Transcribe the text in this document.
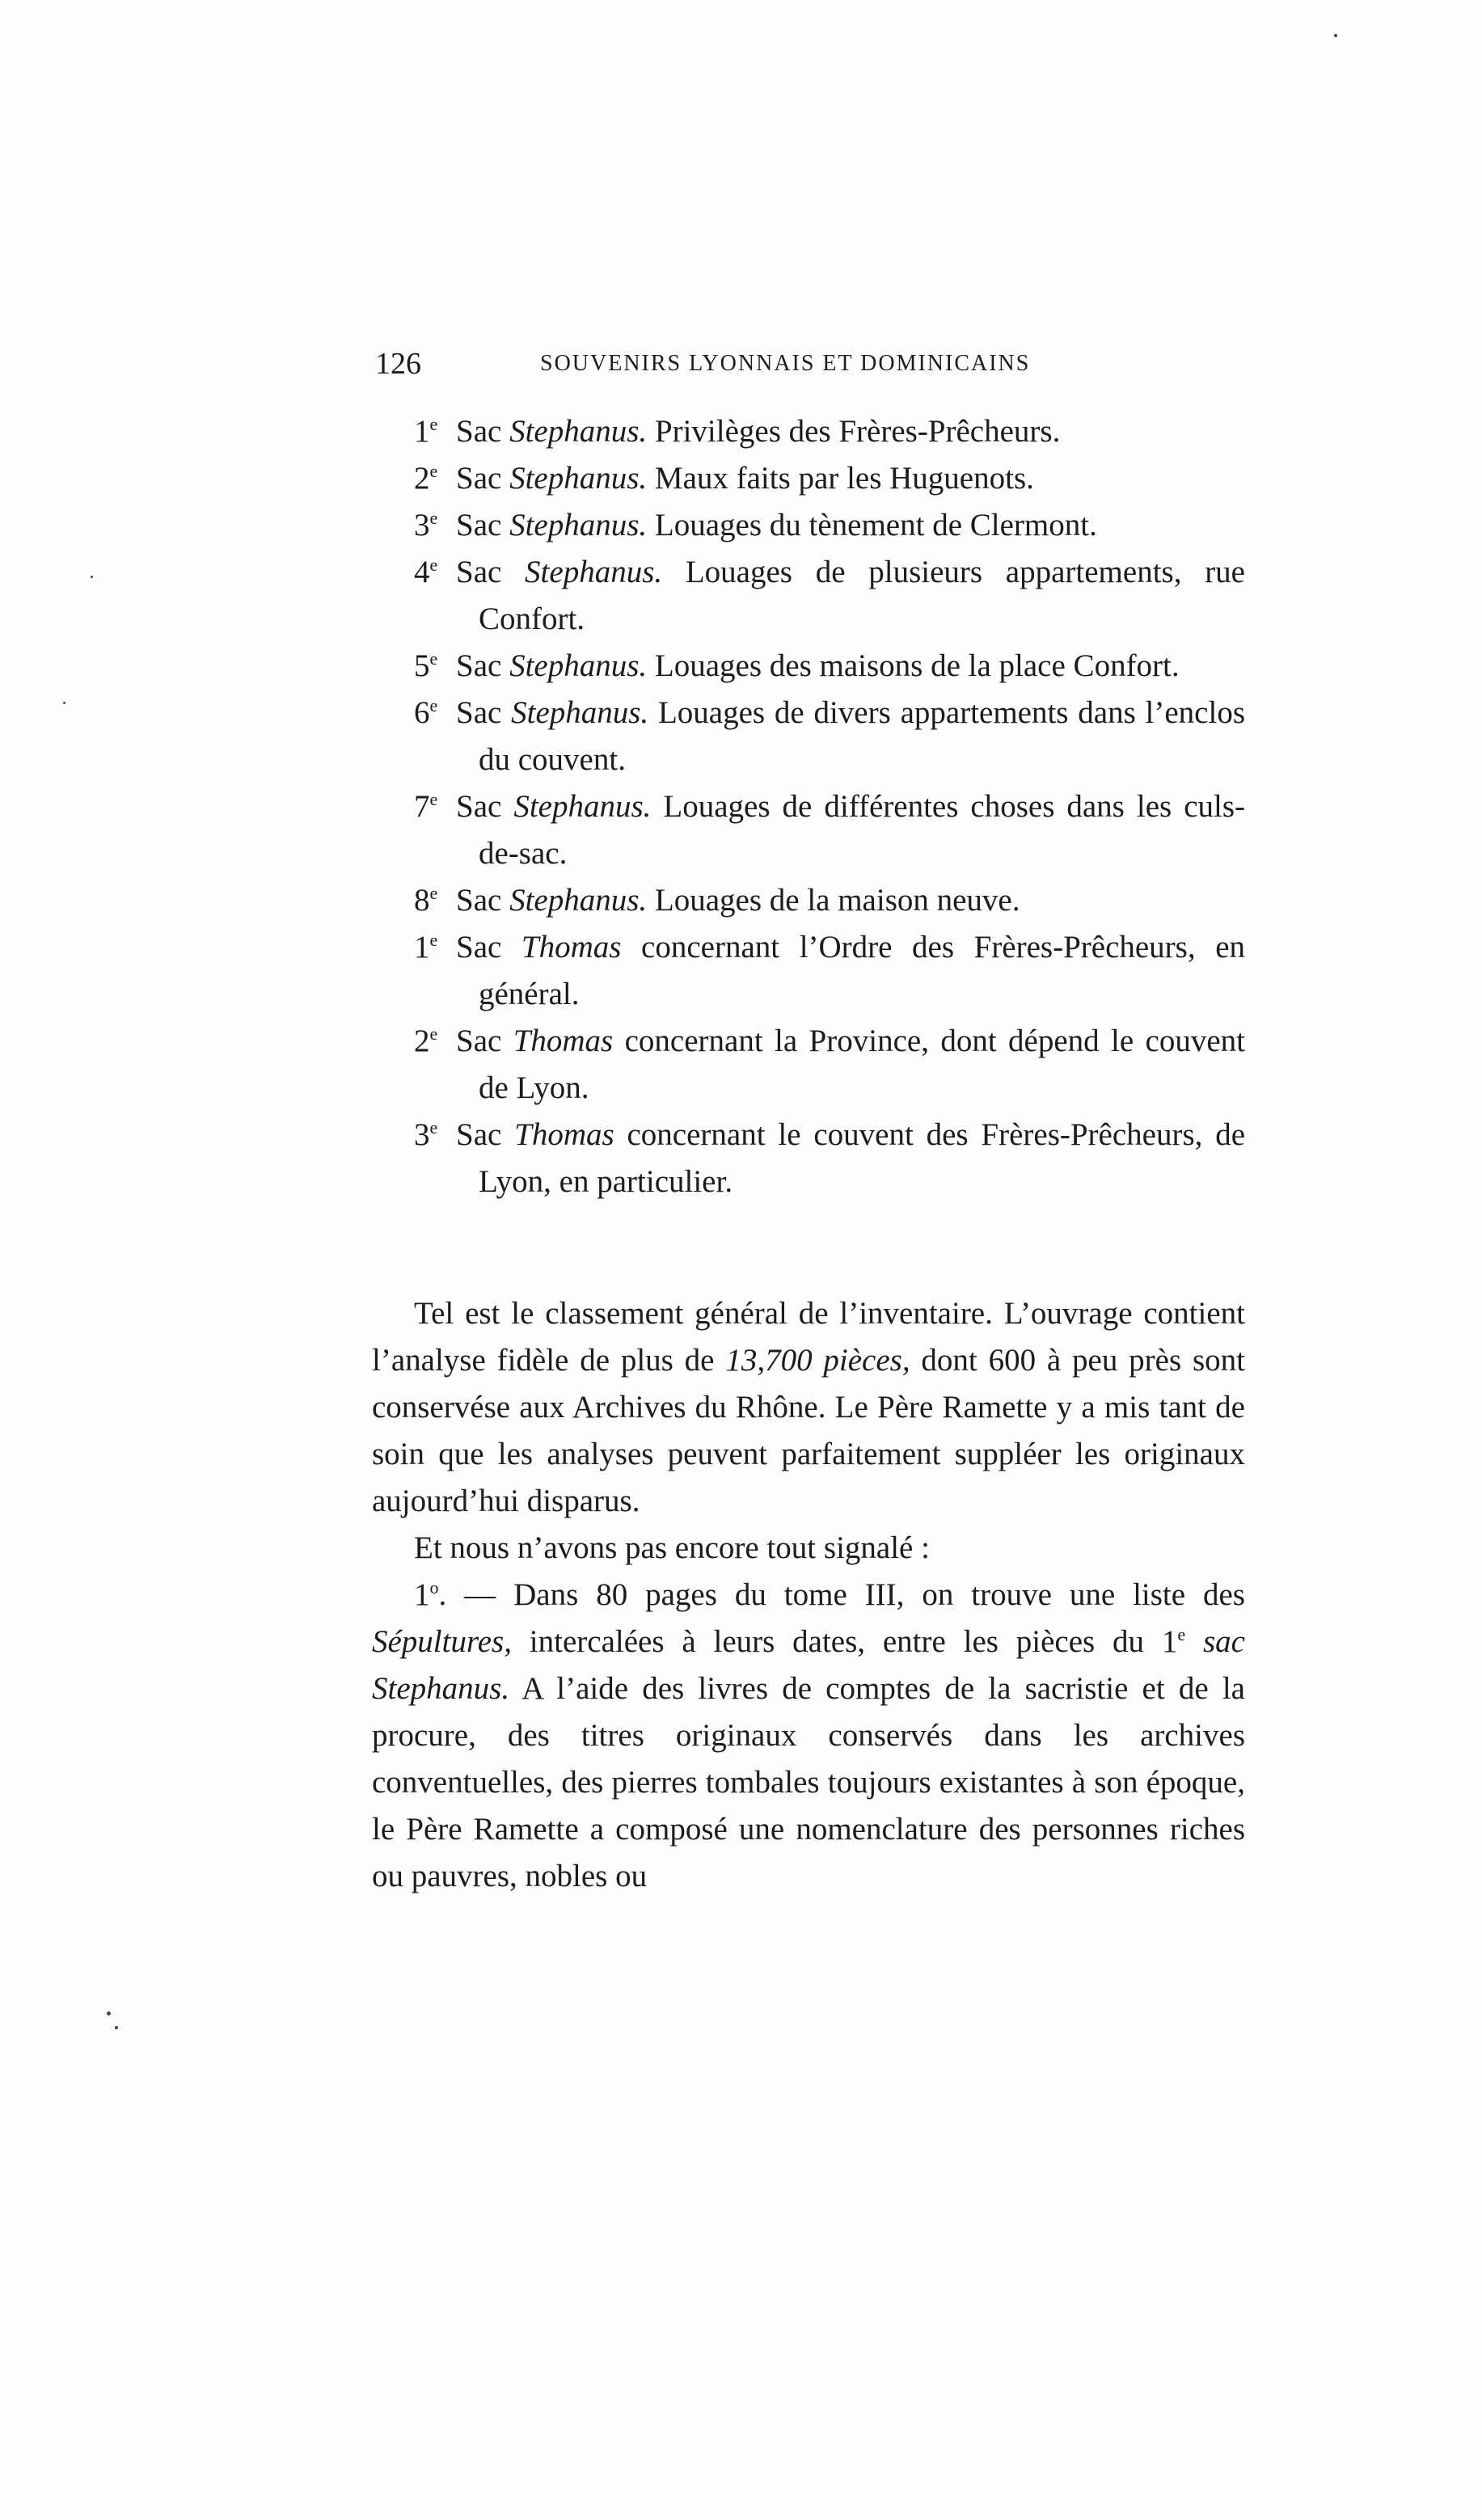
126	SOUVENIRS LYONNAIS ET DOMINICAINS
1e Sac Stephanus. Privilèges des Frères-Prêcheurs.
2e Sac Stephanus. Maux faits par les Huguenots.
3e Sac Stephanus. Louages du tènement de Clermont.
4e Sac Stephanus. Louages de plusieurs appartements, rue Confort.
5e Sac Stephanus. Louages des maisons de la place Confort.
6e Sac Stephanus. Louages de divers appartements dans l’enclos du couvent.
7e Sac Stephanus. Louages de différentes choses dans les culs-de-sac.
8e Sac Stephanus. Louages de la maison neuve.
1e Sac Thomas concernant l’Ordre des Frères-Prêcheurs, en général.
2e Sac Thomas concernant la Province, dont dépend le couvent de Lyon.
3e Sac Thomas concernant le couvent des Frères-Prêcheurs, de Lyon, en particulier.

Tel est le classement général de l’inventaire. L’ouvrage contient l’analyse fidèle de plus de 13,700 pièces, dont 600 à peu près sont conservése aux Archives du Rhône. Le Père Ramette y a mis tant de soin que les analyses peuvent parfaitement suppléer les originaux aujourd’hui disparus.

Et nous n’avons pas encore tout signalé :

1$^o$. — Dans 80 pages du tome III, on trouve une liste des Sépultures, intercalées à leurs dates, entre les pièces du 1e sac Stephanus. A l’aide des livres de comptes de la sacristie et de la procure, des titres originaux conservés dans les archives conventuelles, des pierres tombales toujours existantes à son époque, le Père Ramette a composé une nomenclature des personnes riches ou pauvres, nobles ou
